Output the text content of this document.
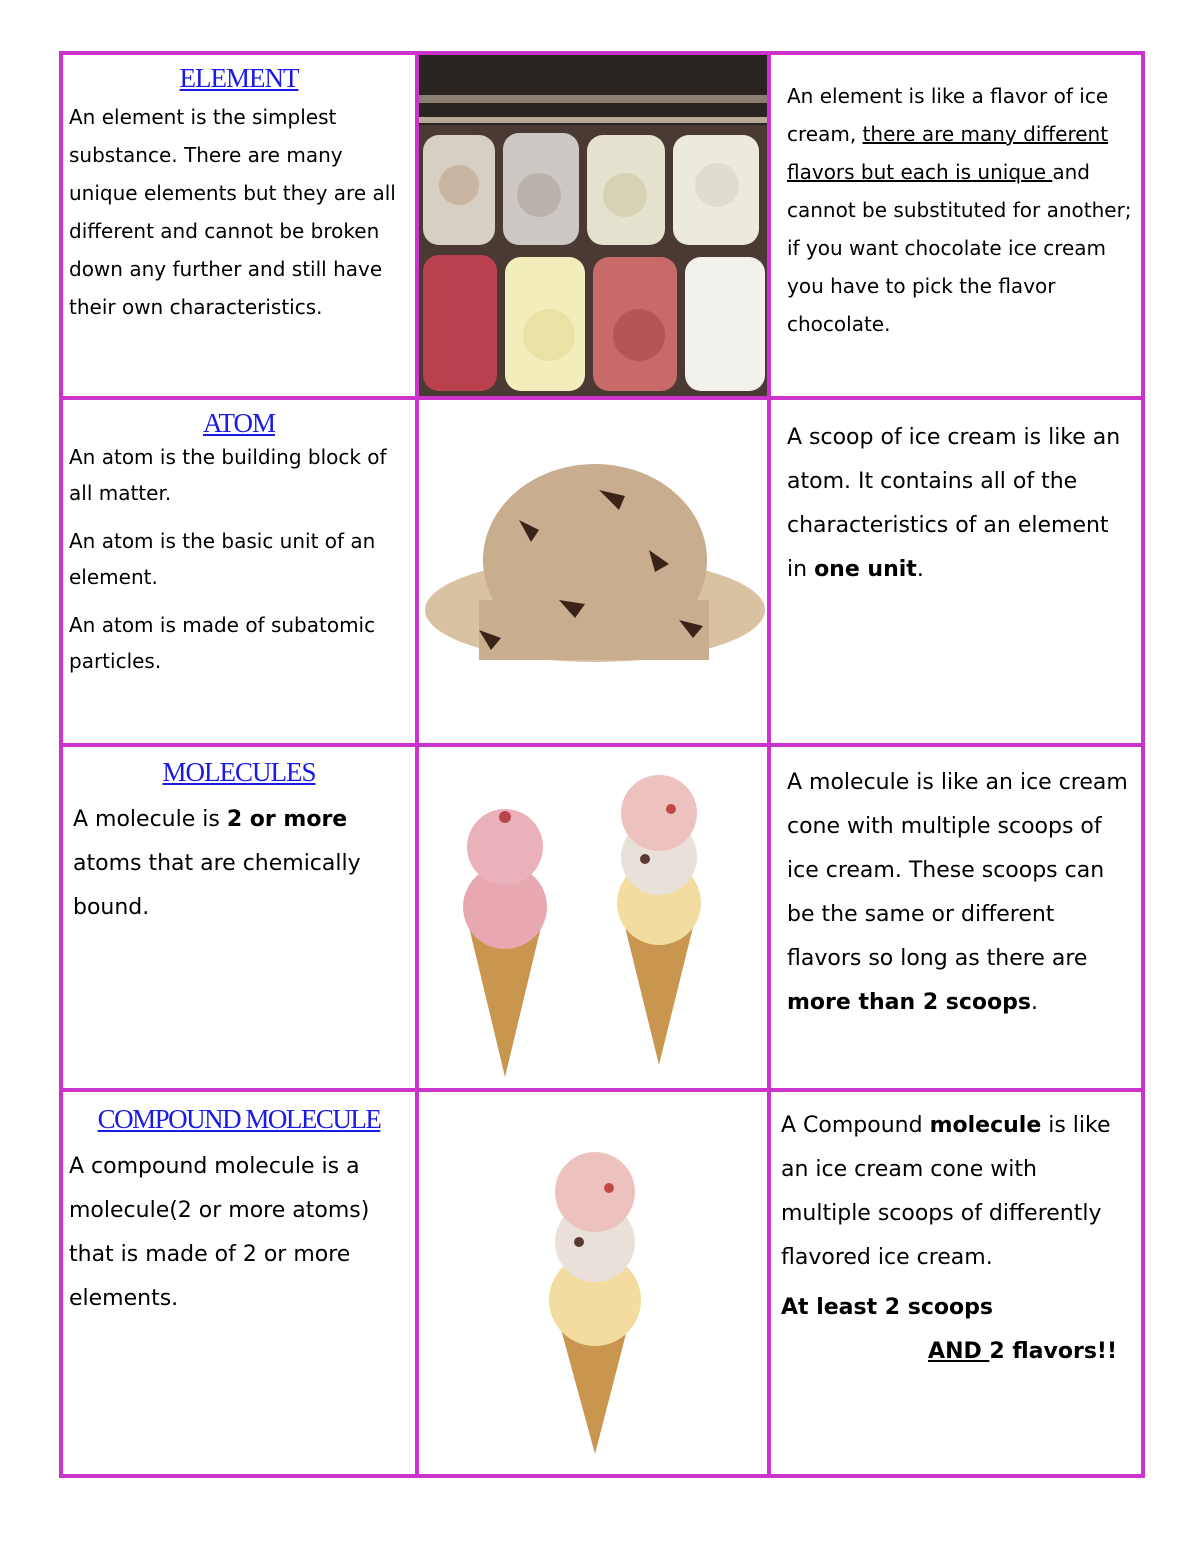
ELEMENT

An element is the simplest substance. There are many unique elements but they are all different and cannot be broken down any further and still have their own characteristics.

An element is like a flavor of ice cream, there are many different flavors but each is unique and cannot be substituted for another; if you want chocolate ice cream you have to pick the flavor chocolate.

ATOM

An atom is the building block of all matter.

An atom is the basic unit of an element.

An atom is made of subatomic particles.

A scoop of ice cream is like an atom. It contains all of the characteristics of an element in one unit.

MOLECULES

A molecule is 2 or more atoms that are chemically bound.

A molecule is like an ice cream cone with multiple scoops of ice cream. These scoops can be the same or different flavors so long as there are more than 2 scoops.

COMPOUND MOLECULE

A compound molecule is a molecule(2 or more atoms) that is made of 2 or more elements.

A Compound molecule is like an ice cream cone with multiple scoops of differently flavored ice cream.

At least 2 scoops

AND 2 flavors!!
